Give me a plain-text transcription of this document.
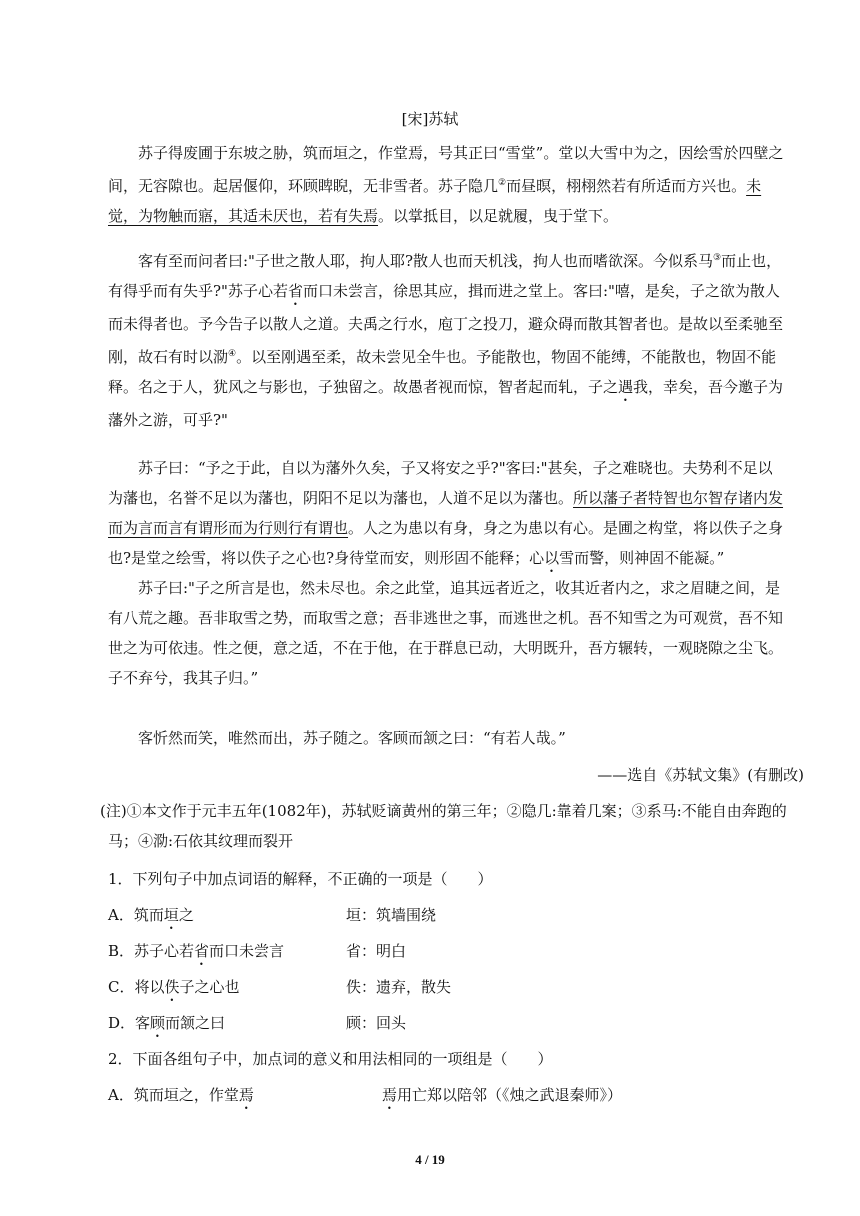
[宋]苏轼

苏子得废圃于东坡之胁，筑而垣之，作堂焉，号其正曰“雪堂”。堂以大雪中为之，因绘雪於四壁之间，无容隙也。起居偃仰，环顾睥睨，无非雪者。苏子隐几②而昼暝，栩栩然若有所适而方兴也。未觉，为物触而寤，其适未厌也，若有失焉。以掌抵目，以足就履，曳于堂下。

客有至而问者曰:"子世之散人耶，拘人耶?散人也而天机浅，拘人也而嗜欲深。今似系马③而止也，有得乎而有失乎?"苏子心若省而口未尝言，徐思其应，揖而进之堂上。客曰:"嘻，是矣，子之欲为散人而未得者也。予今告子以散人之道。夫禹之行水，庖丁之投刀，避众碍而散其智者也。是故以至柔驰至刚，故石有时以泐④。以至刚遇至柔，故未尝见全牛也。予能散也，物固不能缚，不能散也，物固不能释。名之于人，犹风之与影也，子独留之。故愚者视而惊，智者起而轧，子之遇我，幸矣，吾今邀子为藩外之游，可乎?"

苏子曰：“予之于此，自以为藩外久矣，子又将安之乎?"客曰:"甚矣，子之难晓也。夫势利不足以为藩也，名誉不足以为藩也，阴阳不足以为藩也，人道不足以为藩也。所以藩子者特智也尔智存诸内发而为言而言有谓形而为行则行有谓也。人之为患以有身，身之为患以有心。是圃之构堂，将以佚子之身也?是堂之绘雪，将以佚子之心也?身待堂而安，则形固不能释；心以雪而警，则神固不能凝。”

苏子曰:"子之所言是也，然未尽也。余之此堂，追其远者近之，收其近者内之，求之眉睫之间，是有八荒之趣。吾非取雪之势，而取雪之意；吾非逃世之事，而逃世之机。吾不知雪之为可观赏，吾不知世之为可依违。性之便，意之适，不在于他，在于群息已动，大明既升，吾方辗转，一观晓隙之尘飞。子不弃兮，我其子归。”

客忻然而笑，唯然而出，苏子随之。客顾而颔之曰：“有若人哉。”

——选自《苏轼文集》(有删改)
(注)①本文作于元丰五年(1082年)，苏轼贬谪黄州的第三年；②隐几:靠着几案；③系马:不能自由奔跑的
马；④泐:石依其纹理而裂开
1．下列句子中加点词语的解释，不正确的一项是（　　）
A．筑而垣之	垣：筑墙围绕
B．苏子心若省而口未尝言	省：明白
C．将以佚子之心也	佚：遗弃，散失
D．客顾而颔之曰	顾：回头
2．下面各组句子中，加点词的意义和用法相同的一项组是（　　）
A．筑而垣之，作堂焉	焉用亡郑以陪邻（《烛之武退秦师》）
4 / 19
